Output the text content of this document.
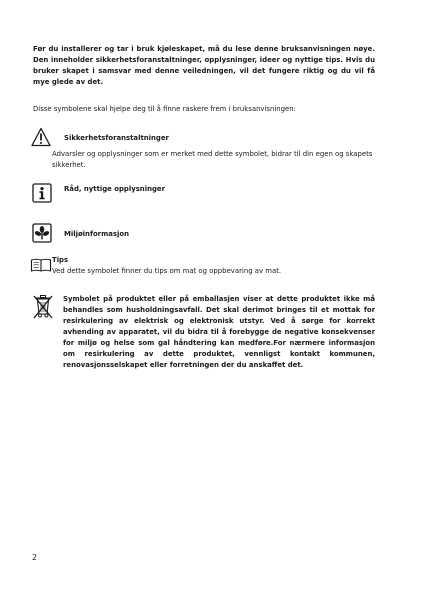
Før du installerer og tar i bruk kjøleskapet, må du lese denne bruksanvisningen nøye. Den inneholder sikkerhetsforanstaltninger, opplysninger, ideer og nyttige tips. Hvis du bruker skapet i samsvar med denne veiledningen, vil det fungere riktig og du vil få mye glede av det.
Disse symbolene skal hjelpe deg til å finne raskere frem i bruksanvisningen:
Sikkerhetsforanstaltninger
Advarsler og opplysninger som er merket med dette symbolet, bidrar til din egen og skapets sikkerhet.
Råd, nyttige opplysninger
Miljøinformasjon
Tips
Ved dette symbolet finner du tips om mat og oppbevaring av mat.
Symbolet på produktet eller på emballasjen viser at dette produktet ikke må behandles som husholdningsavfall. Det skal derimot bringes til et mottak for resirkulering av elektrisk og elektronisk utstyr. Ved å sørge for korrekt avhending av apparatet, vil du bidra til å forebygge de negative konsekvenser for miljø og helse som gal håndtering kan medføre.For nærmere informasjon om resirkulering av dette produktet, vennligst kontakt kommunen, renovasjonsselskapet eller forretningen der du anskaffet det.
2
